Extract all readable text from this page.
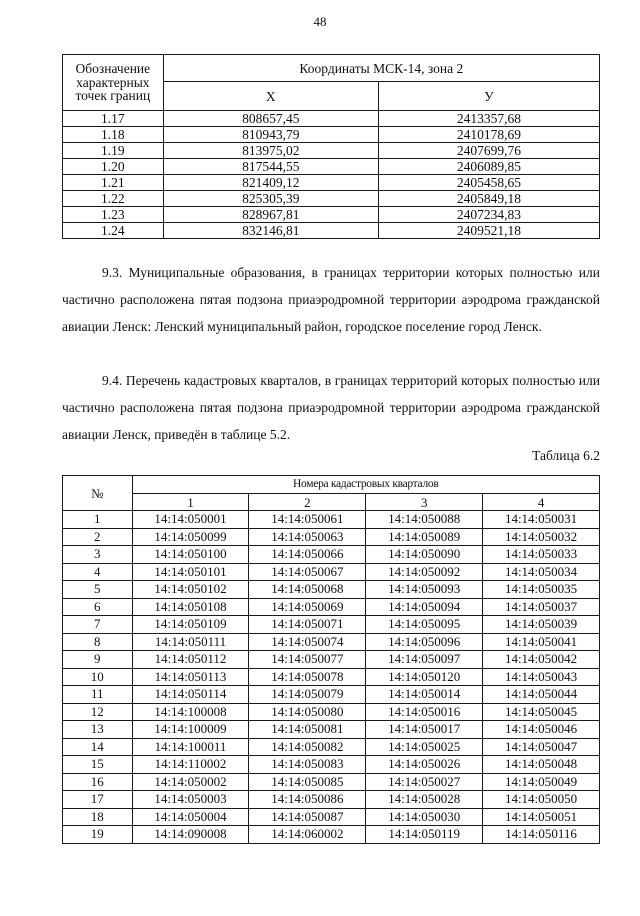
48
Обозначение характерных точек границ	Координаты МСК-14, зона 2	
	Х	У
1.17	808657,45	2413357,68
1.18	810943,79	2410178,69
1.19	813975,02	2407699,76
1.20	817544,55	2406089,85
1.21	821409,12	2405458,65
1.22	825305,39	2405849,18
1.23	828967,81	2407234,83
1.24	832146,81	2409521,18

9.3. Муниципальные образования, в границах территории которых полностью или частично расположена пятая подзона приаэродромной территории аэродрома гражданской авиации Ленск: Ленский муниципальный район, городское поселение город Ленск.

9.4. Перечень кадастровых кварталов, в границах территорий которых полностью или частично расположена пятая подзона приаэродромной территории аэродрома гражданской авиации Ленск, приведён в таблице 5.2.

Таблица 6.2
№	Номера кадастровых кварталов			
	1	2	3	4
1	14:14:050001	14:14:050061	14:14:050088	14:14:050031
2	14:14:050099	14:14:050063	14:14:050089	14:14:050032
3	14:14:050100	14:14:050066	14:14:050090	14:14:050033
4	14:14:050101	14:14:050067	14:14:050092	14:14:050034
5	14:14:050102	14:14:050068	14:14:050093	14:14:050035
6	14:14:050108	14:14:050069	14:14:050094	14:14:050037
7	14:14:050109	14:14:050071	14:14:050095	14:14:050039
8	14:14:050111	14:14:050074	14:14:050096	14:14:050041
9	14:14:050112	14:14:050077	14:14:050097	14:14:050042
10	14:14:050113	14:14:050078	14:14:050120	14:14:050043
11	14:14:050114	14:14:050079	14:14:050014	14:14:050044
12	14:14:100008	14:14:050080	14:14:050016	14:14:050045
13	14:14:100009	14:14:050081	14:14:050017	14:14:050046
14	14:14:100011	14:14:050082	14:14:050025	14:14:050047
15	14:14:110002	14:14:050083	14:14:050026	14:14:050048
16	14:14:050002	14:14:050085	14:14:050027	14:14:050049
17	14:14:050003	14:14:050086	14:14:050028	14:14:050050
18	14:14:050004	14:14:050087	14:14:050030	14:14:050051
19	14:14:090008	14:14:060002	14:14:050119	14:14:050116
